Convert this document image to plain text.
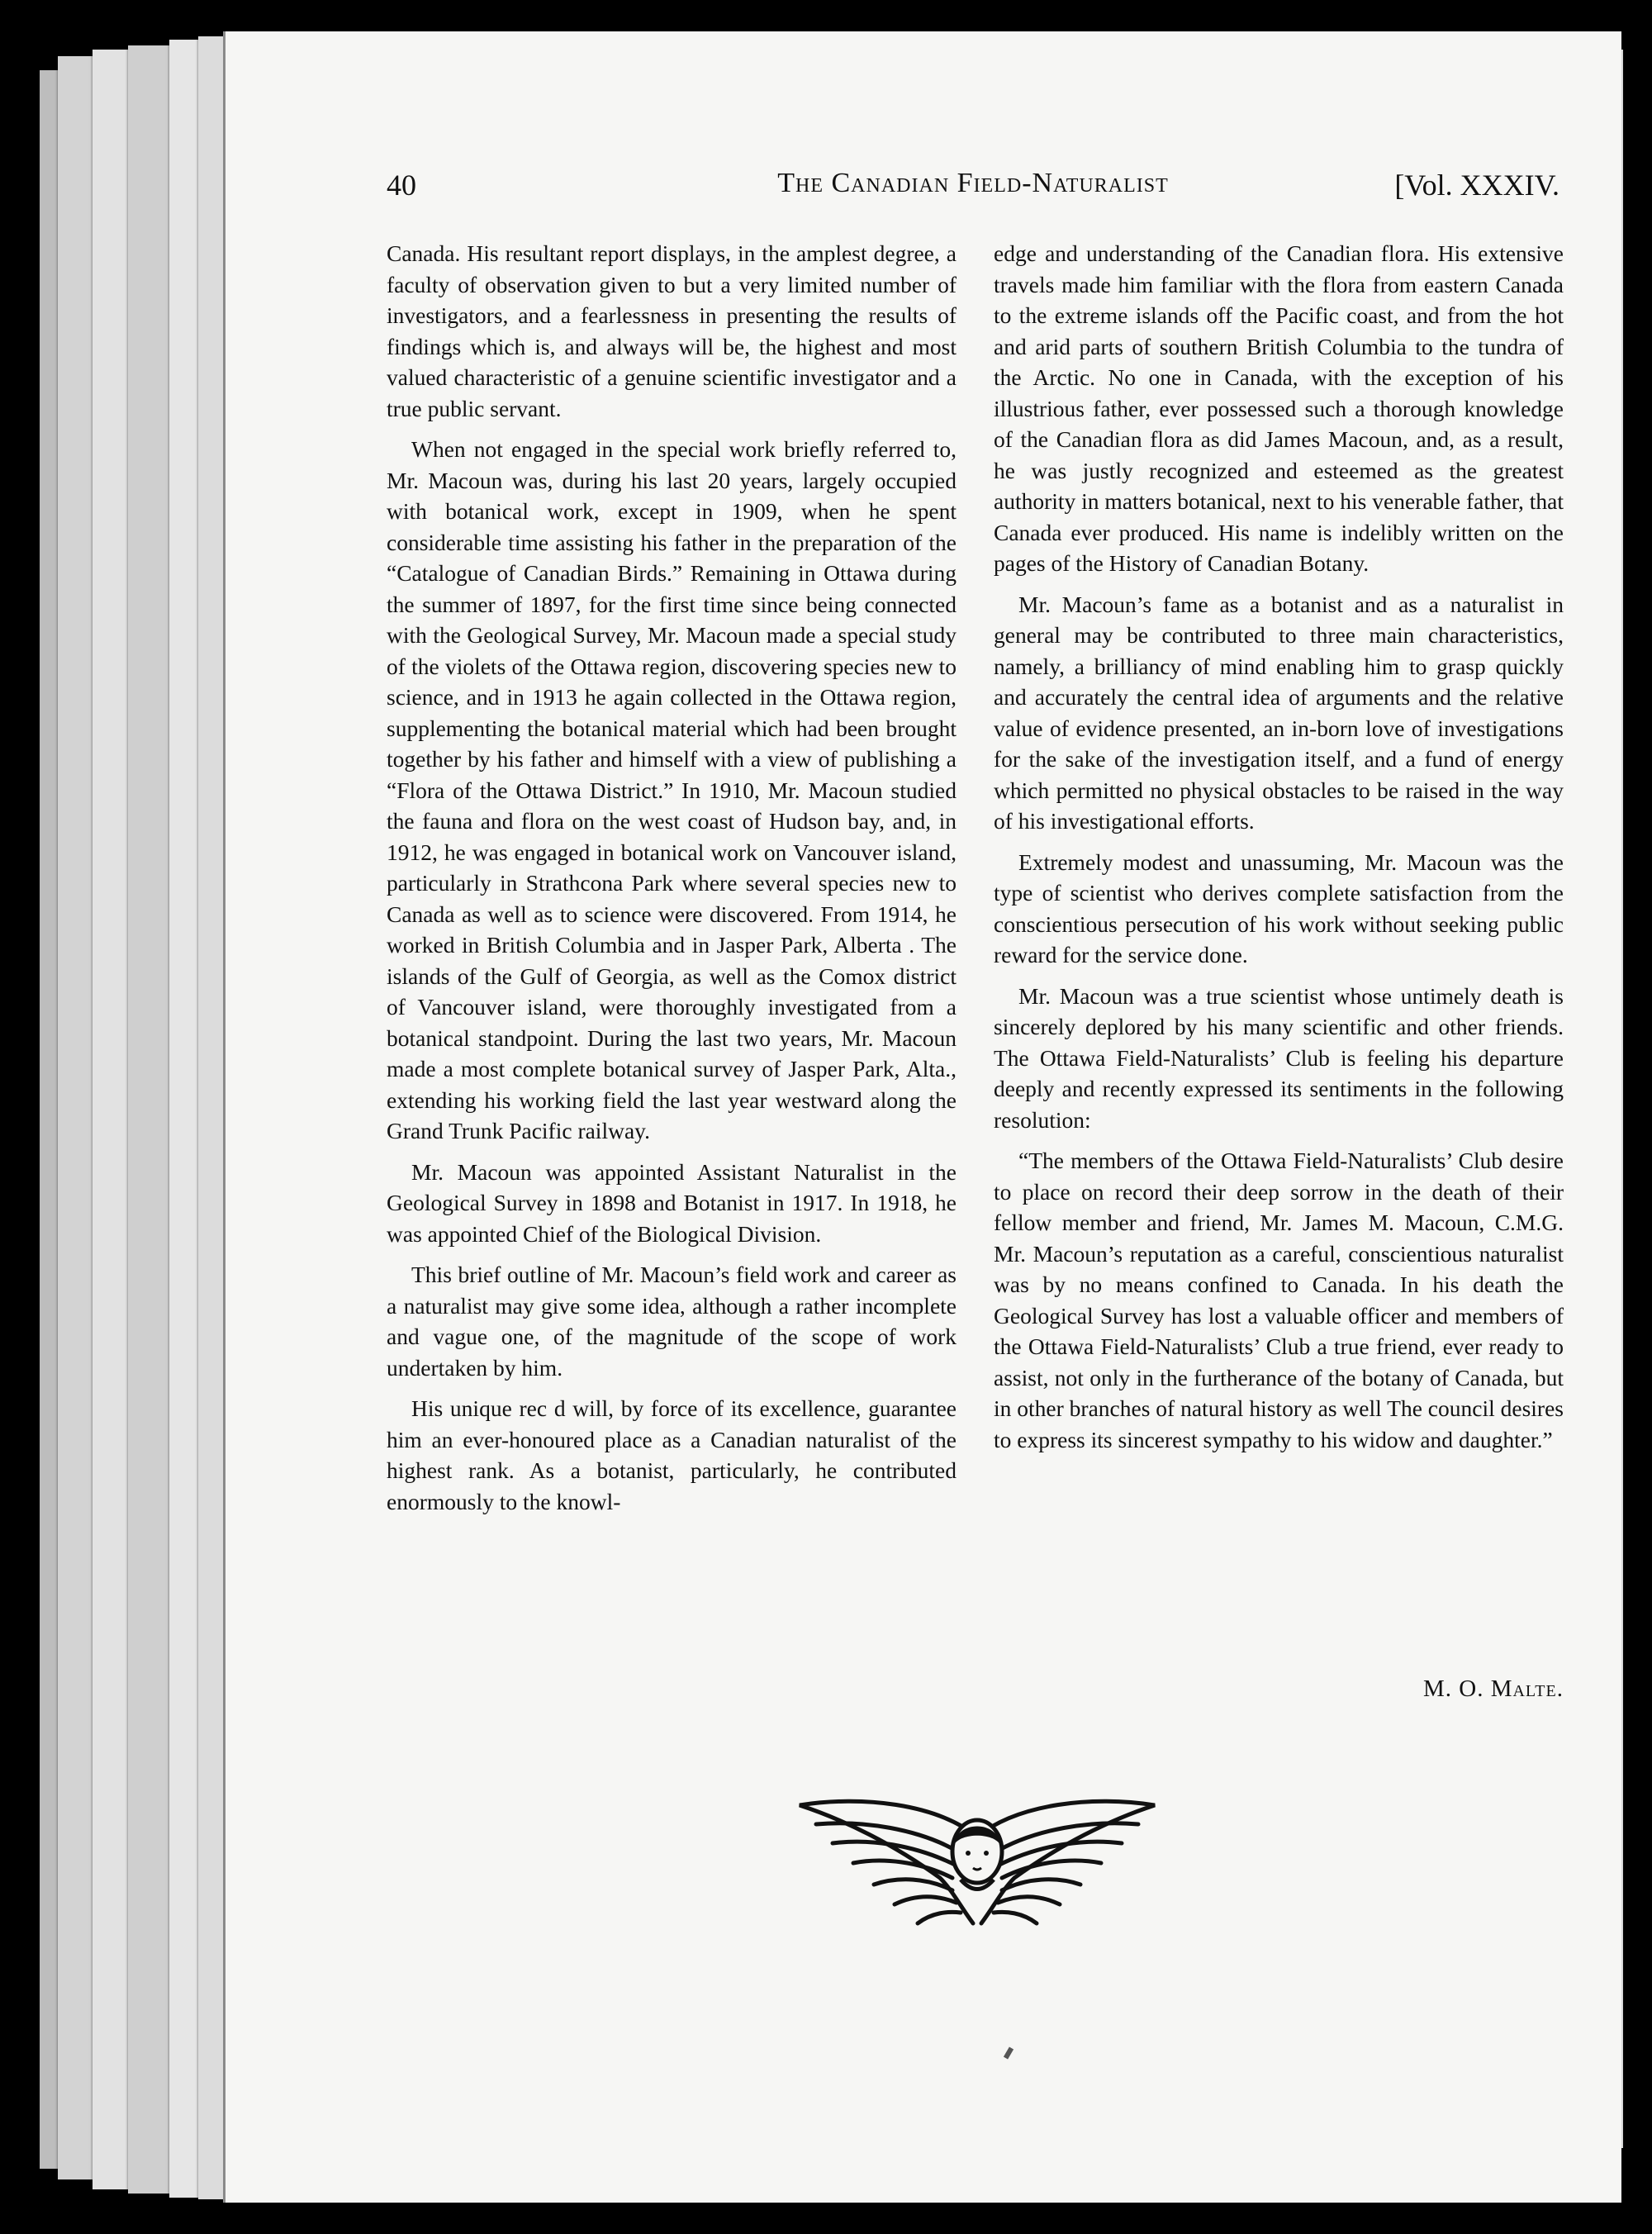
40	The Canadian Field-Naturalist	[Vol. XXXIV.

Canada. His resultant report displays, in the amplest degree, a faculty of observation given to but a very limited number of investigators, and a fearlessness in presenting the results of findings which is, and always will be, the highest and most valued characteristic of a genuine scientific investigator and a true public servant.

When not engaged in the special work briefly referred to, Mr. Macoun was, during his last 20 years, largely occupied with botanical work, except in 1909, when he spent considerable time assisting his father in the preparation of the “Catalogue of Canadian Birds.” Remaining in Ottawa during the summer of 1897, for the first time since being connected with the Geological Survey, Mr. Macoun made a special study of the violets of the Ottawa region, discovering species new to science, and in 1913 he again collected in the Ottawa region, supplementing the botanical material which had been brought together by his father and himself with a view of publishing a “Flora of the Ottawa District.” In 1910, Mr. Macoun studied the fauna and flora on the west coast of Hudson bay, and, in 1912, he was engaged in botanical work on Vancouver island, particularly in Strathcona Park where several species new to Canada as well as to science were discovered. From 1914, he worked in British Columbia and in Jasper Park, Alberta . The islands of the Gulf of Georgia, as well as the Comox district of Vancouver island, were thoroughly investigated from a botanical standpoint. During the last two years, Mr. Macoun made a most complete botanical survey of Jasper Park, Alta., extending his working field the last year westward along the Grand Trunk Pacific railway.

Mr. Macoun was appointed Assistant Naturalist in the Geological Survey in 1898 and Botanist in 1917. In 1918, he was appointed Chief of the Biological Division.

This brief outline of Mr. Macoun’s field work and career as a naturalist may give some idea, although a rather incomplete and vague one, of the magnitude of the scope of work undertaken by him.

His unique rec d will, by force of its excellence, guarantee him an ever-honoured place as a Canadian naturalist of the highest rank. As a botanist, particularly, he contributed enormously to the knowl-

edge and understanding of the Canadian flora. His extensive travels made him familiar with the flora from eastern Canada to the extreme islands off the Pacific coast, and from the hot and arid parts of southern British Columbia to the tundra of the Arctic. No one in Canada, with the exception of his illustrious father, ever possessed such a thorough knowledge of the Canadian flora as did James Macoun, and, as a result, he was justly recognized and esteemed as the greatest authority in matters botanical, next to his venerable father, that Canada ever produced. His name is indelibly written on the pages of the History of Canadian Botany.

Mr. Macoun’s fame as a botanist and as a naturalist in general may be contributed to three main characteristics, namely, a brilliancy of mind enabling him to grasp quickly and accurately the central idea of arguments and the relative value of evidence presented, an in-born love of investigations for the sake of the investigation itself, and a fund of energy which permitted no physical obstacles to be raised in the way of his investigational efforts.

Extremely modest and unassuming, Mr. Macoun was the type of scientist who derives complete satisfaction from the conscientious persecution of his work without seeking public reward for the service done.

Mr. Macoun was a true scientist whose untimely death is sincerely deplored by his many scientific and other friends. The Ottawa Field-Naturalists’ Club is feeling his departure deeply and recently expressed its sentiments in the following resolution:

“The members of the Ottawa Field-Naturalists’ Club desire to place on record their deep sorrow in the death of their fellow member and friend, Mr. James M. Macoun, C.M.G. Mr. Macoun’s reputation as a careful, conscientious naturalist was by no means confined to Canada. In his death the Geological Survey has lost a valuable officer and members of the Ottawa Field-Naturalists’ Club a true friend, ever ready to assist, not only in the furtherance of the botany of Canada, but in other branches of natural history as well The council desires to express its sincerest sympathy to his widow and daughter.”

M. O. Malte.
